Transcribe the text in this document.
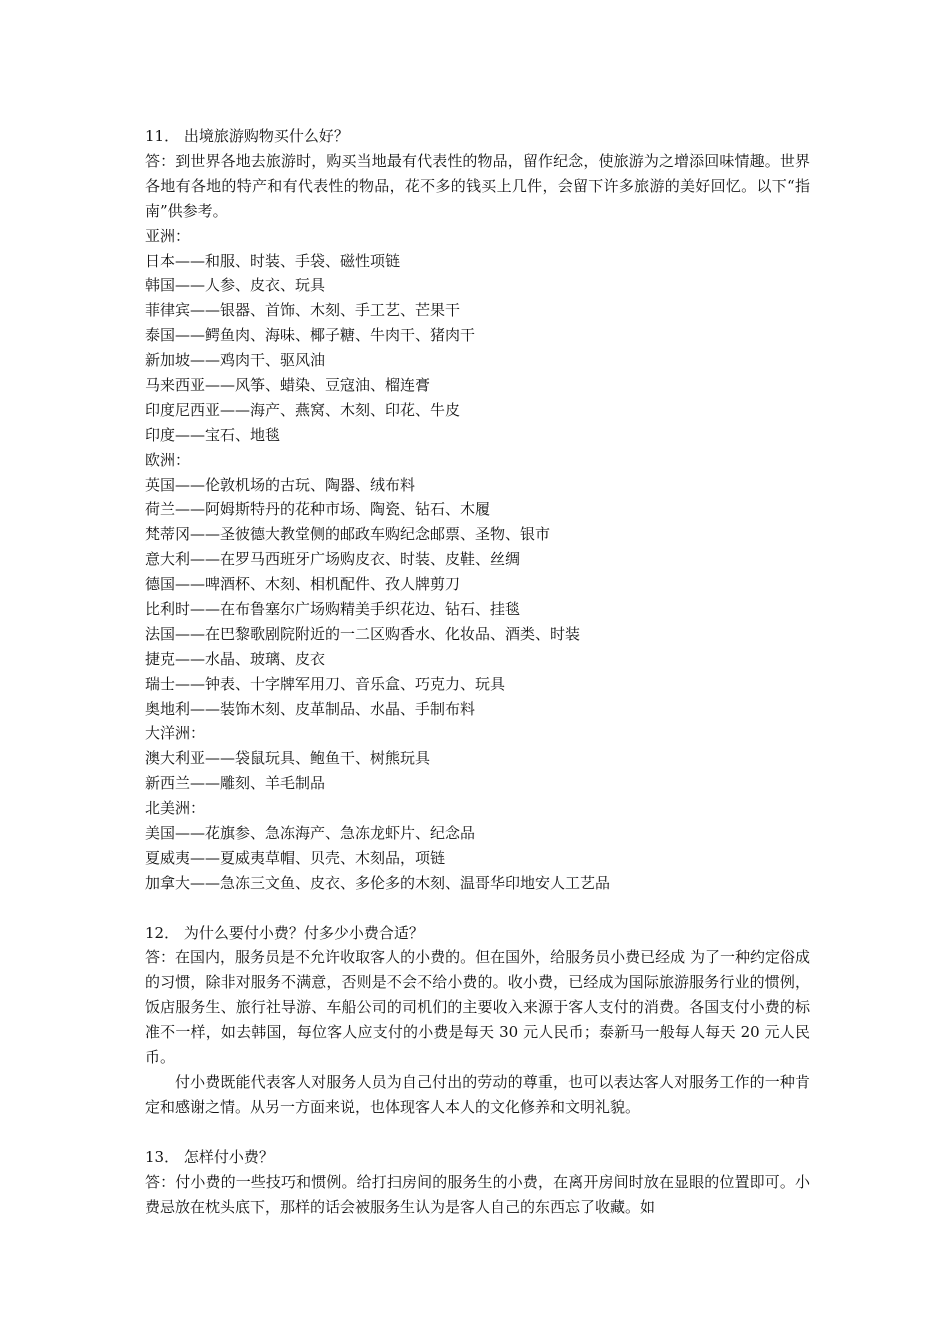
11． 出境旅游购物买什么好？
答：到世界各地去旅游时，购买当地最有代表性的物品，留作纪念，使旅游为之增添回味情趣。世界各地有各地的特产和有代表性的物品，花不多的钱买上几件，会留下许多旅游的美好回忆。以下“指南”供参考。
亚洲：
日本——和服、时装、手袋、磁性项链
韩国——人参、皮衣、玩具
菲律宾——银器、首饰、木刻、手工艺、芒果干
泰国——鳄鱼肉、海味、椰子糖、牛肉干、猪肉干
新加坡——鸡肉干、驱风油
马来西亚——风筝、蜡染、豆寇油、榴连膏
印度尼西亚——海产、燕窝、木刻、印花、牛皮
印度——宝石、地毯
欧洲：
英国——伦敦机场的古玩、陶器、绒布料
荷兰——阿姆斯特丹的花种市场、陶瓷、钻石、木履
梵蒂冈——圣彼德大教堂侧的邮政车购纪念邮票、圣物、银市
意大利——在罗马西班牙广场购皮衣、时装、皮鞋、丝绸
德国——啤酒杯、木刻、相机配件、孜人牌剪刀
比利时——在布鲁塞尔广场购精美手织花边、钻石、挂毯
法国——在巴黎歌剧院附近的一二区购香水、化妆品、酒类、时装
捷克——水晶、玻璃、皮衣
瑞士——钟表、十字牌军用刀、音乐盒、巧克力、玩具
奥地利——装饰木刻、皮革制品、水晶、手制布料
大洋洲：
澳大利亚——袋鼠玩具、鲍鱼干、树熊玩具
新西兰——雕刻、羊毛制品
北美洲：
美国——花旗参、急冻海产、急冻龙虾片、纪念品
夏威夷——夏威夷草帽、贝壳、木刻品，项链
加拿大——急冻三文鱼、皮衣、多伦多的木刻、温哥华印地安人工艺品
12． 为什么要付小费？付多少小费合适？
答：在国内，服务员是不允许收取客人的小费的。但在国外，给服务员小费已经成 为了一种约定俗成的习惯，除非对服务不满意，否则是不会不给小费的。收小费，已经成为国际旅游服务行业的惯例，饭店服务生、旅行社导游、车船公司的司机们的主要收入来源于客人支付的消费。各国支付小费的标准不一样，如去韩国，每位客人应支付的小费是每天 30 元人民币；泰新马一般每人每天 20 元人民币。
付小费既能代表客人对服务人员为自己付出的劳动的尊重，也可以表达客人对服务工作的一种肯定和感谢之情。从另一方面来说，也体现客人本人的文化修养和文明礼貌。
13． 怎样付小费？
答：付小费的一些技巧和惯例。给打扫房间的服务生的小费，在离开房间时放在显眼的位置即可。小费忌放在枕头底下，那样的话会被服务生认为是客人自己的东西忘了收藏。如
